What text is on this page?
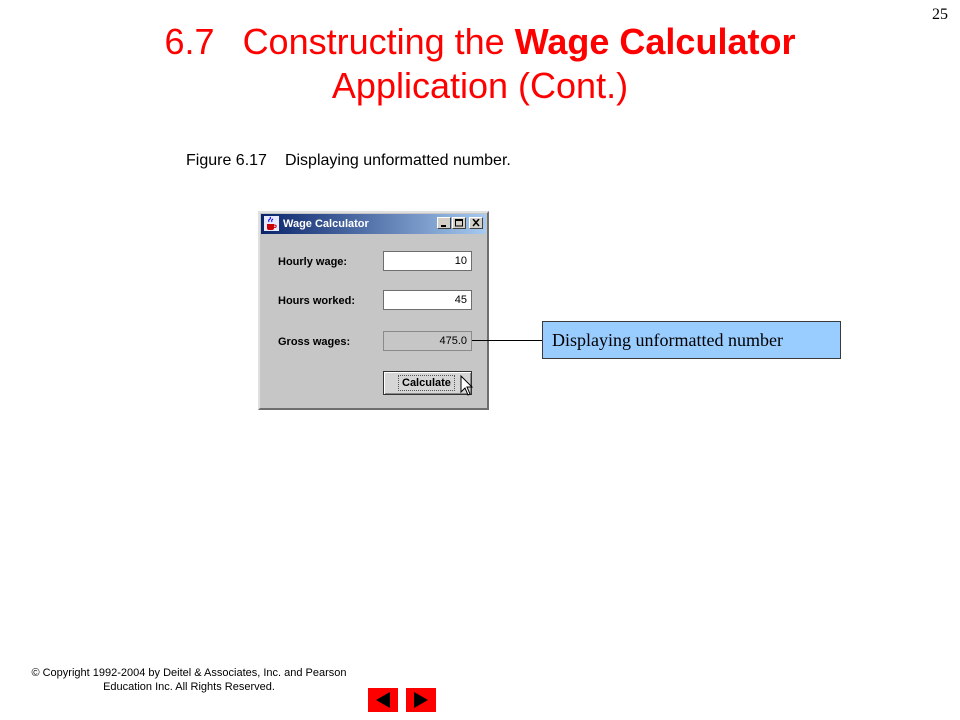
25
6.7 Constructing the Wage Calculator
Application (Cont.)
Figure 6.17 Displaying unformatted number.
Wage Calculator
Hourly wage:	10
Hours worked:	45
Gross wages:	475.0
Calculate
Displaying unformatted number
© Copyright 1992-2004 by Deitel & Associates, Inc. and Pearson
Education Inc. All Rights Reserved.
